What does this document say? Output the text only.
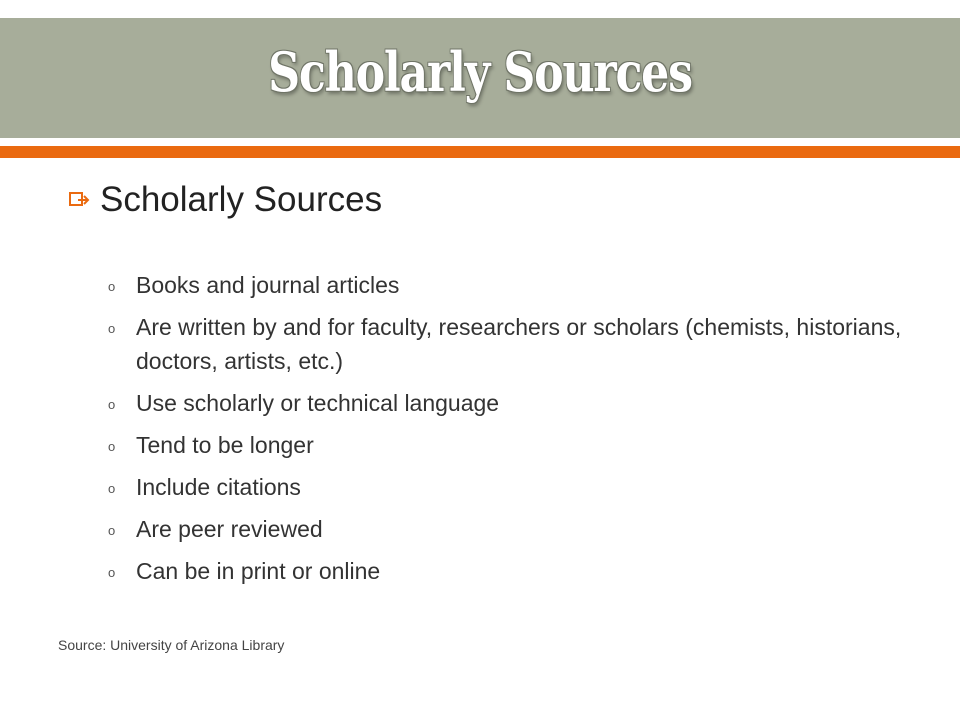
Scholarly Sources
Scholarly Sources
o Books and journal articles
o Are written by and for faculty, researchers or scholars (chemists, historians, doctors, artists, etc.)
o Use scholarly or technical language
o Tend to be longer
o Include citations
o Are peer reviewed
o Can be in print or online
Source: University of Arizona Library
